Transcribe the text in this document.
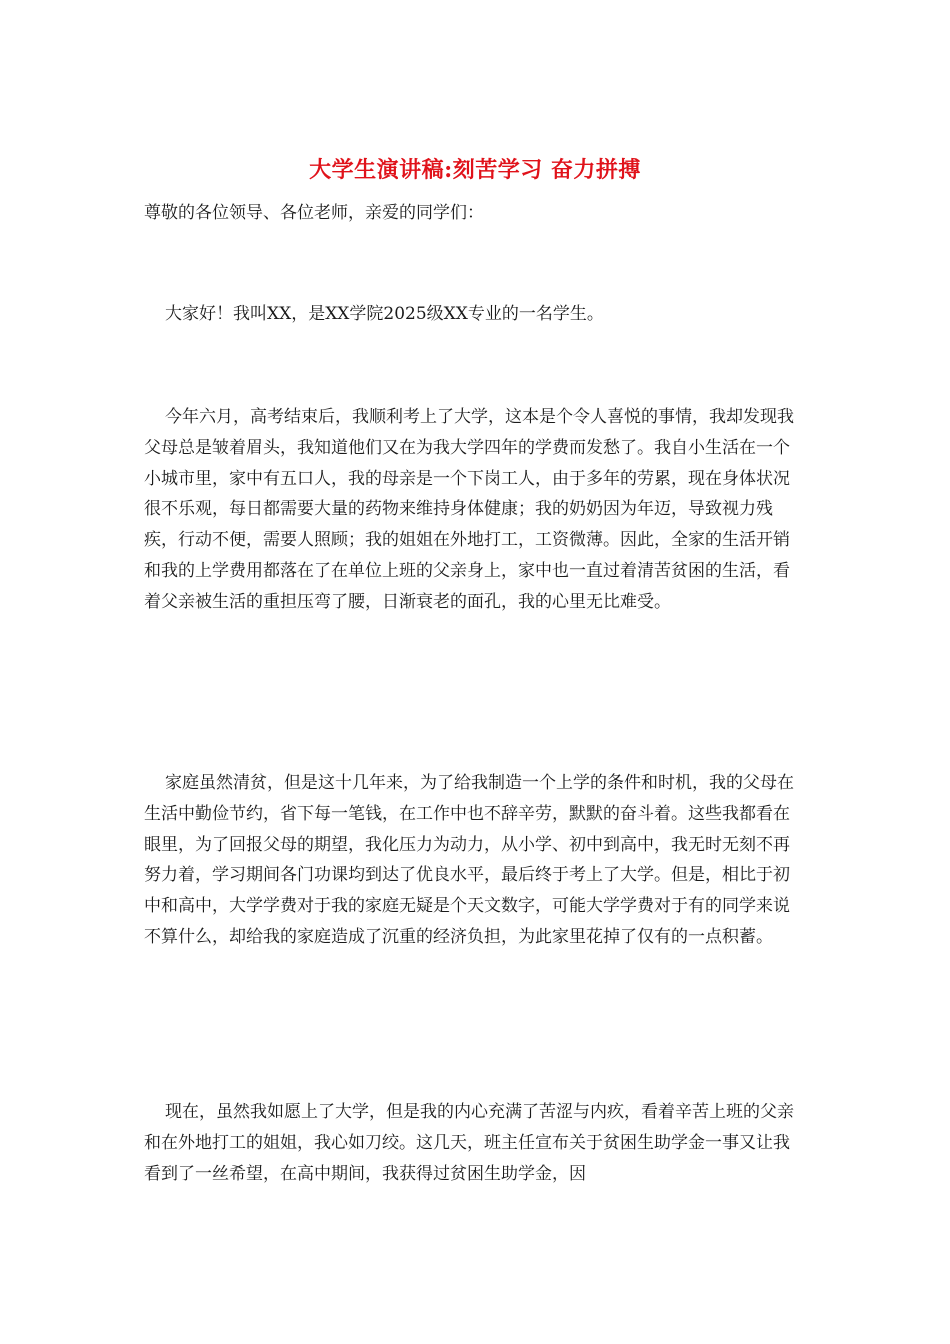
大学生演讲稿:刻苦学习 奋力拼搏
尊敬的各位领导、各位老师，亲爱的同学们：

大家好！我叫XX，是XX学院2025级XX专业的一名学生。

今年六月，高考结束后，我顺利考上了大学，这本是个令人喜悦的事情，我却发现我父母总是皱着眉头，我知道他们又在为我大学四年的学费而发愁了。我自小生活在一个小城市里，家中有五口人，我的母亲是一个下岗工人，由于多年的劳累，现在身体状况很不乐观，每日都需要大量的药物来维持身体健康；我的奶奶因为年迈，导致视力残疾，行动不便，需要人照顾；我的姐姐在外地打工，工资微薄。因此，全家的生活开销和我的上学费用都落在了在单位上班的父亲身上，家中也一直过着清苦贫困的生活，看着父亲被生活的重担压弯了腰，日渐衰老的面孔，我的心里无比难受。

家庭虽然清贫，但是这十几年来，为了给我制造一个上学的条件和时机，我的父母在生活中勤俭节约，省下每一笔钱，在工作中也不辞辛劳，默默的奋斗着。这些我都看在眼里，为了回报父母的期望，我化压力为动力，从小学、初中到高中，我无时无刻不再努力着，学习期间各门功课均到达了优良水平，最后终于考上了大学。但是，相比于初中和高中，大学学费对于我的家庭无疑是个天文数字，可能大学学费对于有的同学来说不算什么，却给我的家庭造成了沉重的经济负担，为此家里花掉了仅有的一点积蓄。

现在，虽然我如愿上了大学，但是我的内心充满了苦涩与内疚，看着辛苦上班的父亲和在外地打工的姐姐，我心如刀绞。这几天，班主任宣布关于贫困生助学金一事又让我看到了一丝希望，在高中期间，我获得过贫困生助学金，因
